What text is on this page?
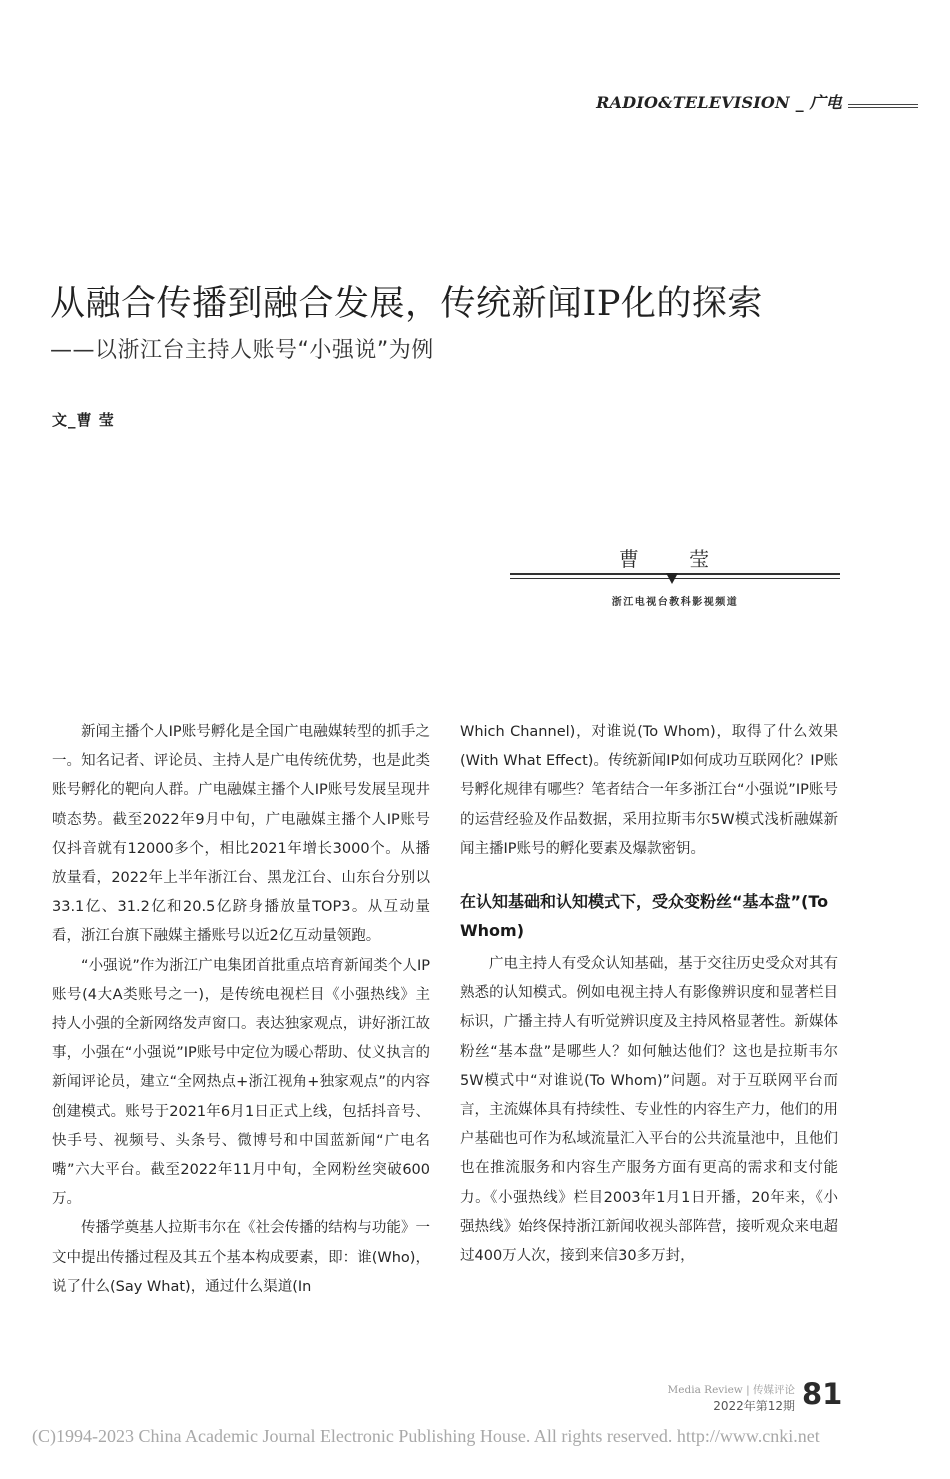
RADIO&TELEVISION _ 广电
从融合传播到融合发展，传统新闻IP化的探索
——以浙江台主持人账号“小强说”为例
文_曹 莹
曹 莹
浙江电视台教科影视频道

新闻主播个人IP账号孵化是全国广电融媒转型的抓手之一。知名记者、评论员、主持人是广电传统优势，也是此类账号孵化的靶向人群。广电融媒主播个人IP账号发展呈现井喷态势。截至2022年9月中旬，广电融媒主播个人IP账号仅抖音就有12000多个，相比2021年增长3000个。从播放量看，2022年上半年浙江台、黑龙江台、山东台分别以33.1亿、31.2亿和20.5亿跻身播放量TOP3。从互动量看，浙江台旗下融媒主播账号以近2亿互动量领跑。

“小强说”作为浙江广电集团首批重点培育新闻类个人IP账号(4大A类账号之一)，是传统电视栏目《小强热线》主持人小强的全新网络发声窗口。表达独家观点，讲好浙江故事，小强在“小强说”IP账号中定位为暖心帮助、仗义执言的新闻评论员，建立“全网热点+浙江视角+独家观点”的内容创建模式。账号于2021年6月1日正式上线，包括抖音号、快手号、视频号、头条号、微博号和中国蓝新闻“广电名嘴”六大平台。截至2022年11月中旬，全网粉丝突破600万。

传播学奠基人拉斯韦尔在《社会传播的结构与功能》一文中提出传播过程及其五个基本构成要素，即：谁(Who)，说了什么(Say What)，通过什么渠道(In

Which Channel)，对谁说(To Whom)，取得了什么效果(With What Effect)。传统新闻IP如何成功互联网化？IP账号孵化规律有哪些？笔者结合一年多浙江台“小强说”IP账号的运营经验及作品数据，采用拉斯韦尔5W模式浅析融媒新闻主播IP账号的孵化要素及爆款密钥。

在认知基础和认知模式下，受众变粉丝“基本盘”(To Whom)

广电主持人有受众认知基础，基于交往历史受众对其有熟悉的认知模式。例如电视主持人有影像辨识度和显著栏目标识，广播主持人有听觉辨识度及主持风格显著性。新媒体粉丝“基本盘”是哪些人？如何触达他们？这也是拉斯韦尔5W模式中“对谁说(To Whom)”问题。对于互联网平台而言，主流媒体具有持续性、专业性的内容生产力，他们的用户基础也可作为私域流量汇入平台的公共流量池中，且他们也在推流服务和内容生产服务方面有更高的需求和支付能力。《小强热线》栏目2003年1月1日开播，20年来，《小强热线》始终保持浙江新闻收视头部阵营，接听观众来电超过400万人次，接到来信30多万封，

Media Review | 传媒评论
2022年第12期 81
(C)1994-2023 China Academic Journal Electronic Publishing House. All rights reserved. http://www.cnki.net
